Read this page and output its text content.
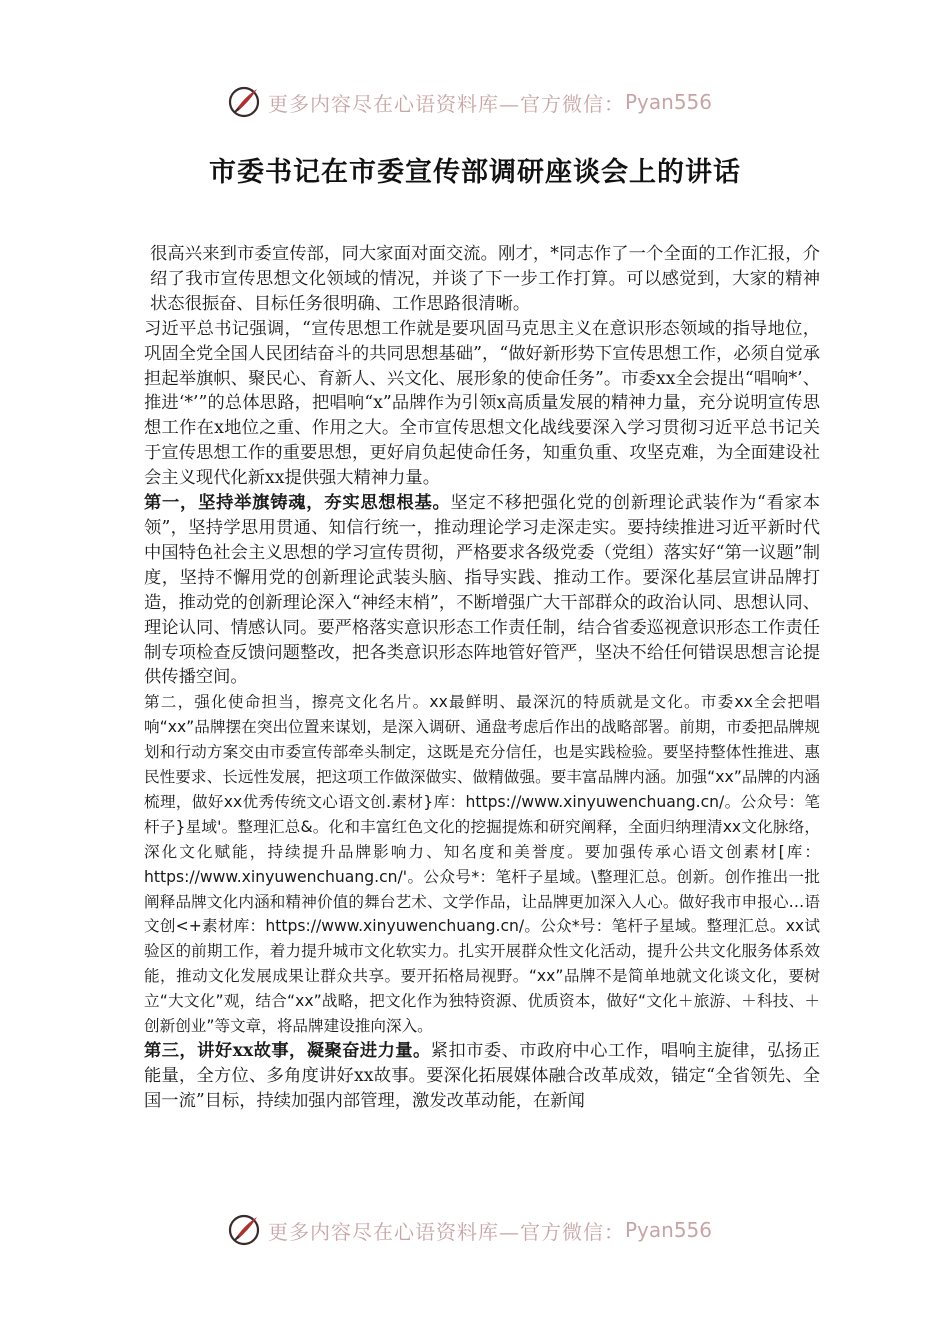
更多内容尽在心语资料库—官方微信： Pyan556
市委书记在市委宣传部调研座谈会上的讲话

很高兴来到市委宣传部，同大家面对面交流。刚才，*同志作了一个全面的工作汇报，介绍了我市宣传思想文化领域的情况，并谈了下一步工作打算。可以感觉到，大家的精神状态很振奋、目标任务很明确、工作思路很清晰。

习近平总书记强调，“宣传思想工作就是要巩固马克思主义在意识形态领域的指导地位，巩固全党全国人民团结奋斗的共同思想基础”，“做好新形势下宣传思想工作，必须自觉承担起举旗帜、聚民心、育新人、兴文化、展形象的使命任务”。市委xx全会提出“唱响*’、推进‘*’”的总体思路，把唱响“x”品牌作为引领x高质量发展的精神力量，充分说明宣传思想工作在x地位之重、作用之大。全市宣传思想文化战线要深入学习贯彻习近平总书记关于宣传思想工作的重要思想，更好肩负起使命任务，知重负重、攻坚克难，为全面建设社会主义现代化新xx提供强大精神力量。

第一，坚持举旗铸魂，夯实思想根基。坚定不移把强化党的创新理论武装作为“看家本领”，坚持学思用贯通、知信行统一，推动理论学习走深走实。要持续推进习近平新时代中国特色社会主义思想的学习宣传贯彻，严格要求各级党委（党组）落实好“第一议题”制度，坚持不懈用党的创新理论武装头脑、指导实践、推动工作。要深化基层宣讲品牌打造，推动党的创新理论深入“神经末梢”，不断增强广大干部群众的政治认同、思想认同、理论认同、情感认同。要严格落实意识形态工作责任制，结合省委巡视意识形态工作责任制专项检查反馈问题整改，把各类意识形态阵地管好管严，坚决不给任何错误思想言论提供传播空间。

第二，强化使命担当，擦亮文化名片。xx最鲜明、最深沉的特质就是文化。市委xx全会把唱响“xx”品牌摆在突出位置来谋划，是深入调研、通盘考虑后作出的战略部署。前期，市委把品牌规划和行动方案交由市委宣传部牵头制定，这既是充分信任，也是实践检验。要坚持整体性推进、惠民性要求、长远性发展，把这项工作做深做实、做精做强。要丰富品牌内涵。加强“xx”品牌的内涵梳理，做好xx优秀传统文心语文创.素材}库：https://www.xinyuwenchuang.cn/。公众号：笔杆子}星域'。整理汇总&。化和丰富红色文化的挖掘提炼和研究阐释，全面归纳理清xx文化脉络，深化文化赋能，持续提升品牌影响力、知名度和美誉度。要加强传承心语文创素材[库：https://www.xinyuwenchuang.cn/'。公众号*：笔杆子星域。\整理汇总。创新。创作推出一批阐释品牌文化内涵和精神价值的舞台艺术、文学作品，让品牌更加深入人心。做好我市申报心…语文创<+素材库：https://www.xinyuwenchuang.cn/。公众*号：笔杆子星域。整理汇总。xx试验区的前期工作，着力提升城市文化软实力。扎实开展群众性文化活动，提升公共文化服务体系效能，推动文化发展成果让群众共享。要开拓格局视野。“xx”品牌不是简单地就文化谈文化，要树立“大文化”观，结合“xx”战略，把文化作为独特资源、优质资本，做好“文化＋旅游、＋科技、＋创新创业”等文章，将品牌建设推向深入。

第三，讲好xx故事，凝聚奋进力量。紧扣市委、市政府中心工作，唱响主旋律，弘扬正能量，全方位、多角度讲好xx故事。要深化拓展媒体融合改革成效，锚定“全省领先、全国一流”目标，持续加强内部管理，激发改革动能，在新闻

更多内容尽在心语资料库—官方微信： Pyan556
